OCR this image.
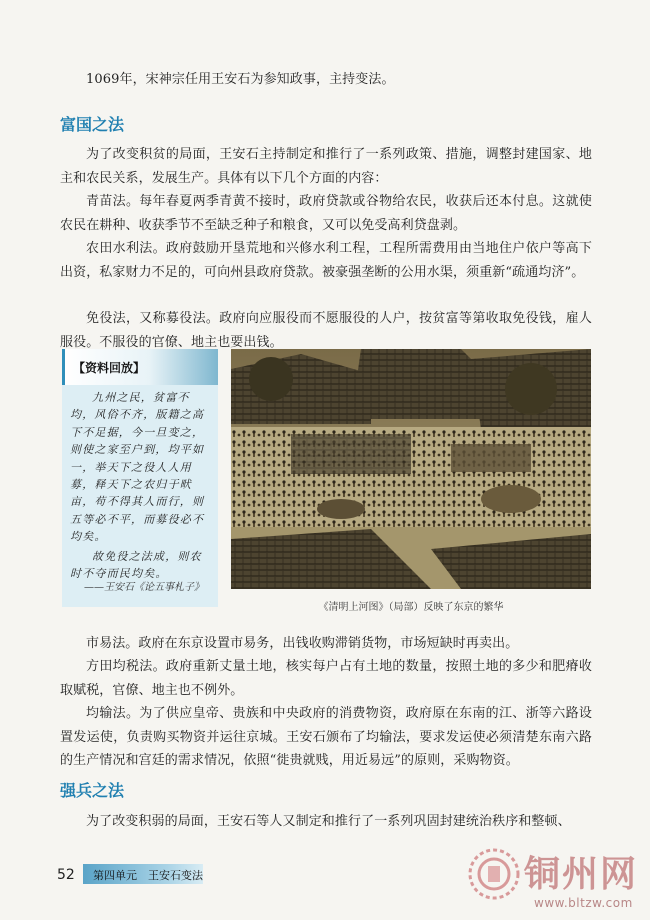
1069年，宋神宗任用王安石为参知政事，主持变法。

富国之法

为了改变积贫的局面，王安石主持制定和推行了一系列政策、措施，调整封建国家、地主和农民关系，发展生产。具体有以下几个方面的内容：

青苗法。每年春夏两季青黄不接时，政府贷款或谷物给农民，收获后还本付息。这就使农民在耕种、收获季节不至缺乏种子和粮食，又可以免受高利贷盘剥。

农田水利法。政府鼓励开垦荒地和兴修水利工程，工程所需费用由当地住户依户等高下出资，私家财力不足的，可向州县政府贷款。被豪强垄断的公用水渠，须重新“疏通均济”。

免役法，又称募役法。政府向应服役而不愿服役的人户，按贫富等第收取免役钱，雇人服役。不服役的官僚、地主也要出钱。

【资料回放】

九州之民，贫富不均，风俗不齐，版籍之高下不足据，今一旦变之，则使之家至户到，均平如一，举天下之役人人用募，释天下之农归于畎亩，苟不得其人而行，则五等必不平，而募役必不均矣。

故免役之法成，则农时不夺而民均矣。

——王安石《论五事札子》
《清明上河图》（局部）反映了东京的繁华

市易法。政府在东京设置市易务，出钱收购滞销货物，市场短缺时再卖出。

方田均税法。政府重新丈量土地，核实每户占有土地的数量，按照土地的多少和肥瘠收取赋税，官僚、地主也不例外。

均输法。为了供应皇帝、贵族和中央政府的消费物资，政府原在东南的江、浙等六路设置发运使，负责购买物资并运往京城。王安石颁布了均输法，要求发运使必须清楚东南六路的生产情况和宫廷的需求情况，依照“徙贵就贱，用近易远”的原则，采购物资。

强兵之法

为了改变积弱的局面，王安石等人又制定和推行了一系列巩固封建统治秩序和整顿、

52 第四单元　王安石变法	铜州网
www.bltzw.com
